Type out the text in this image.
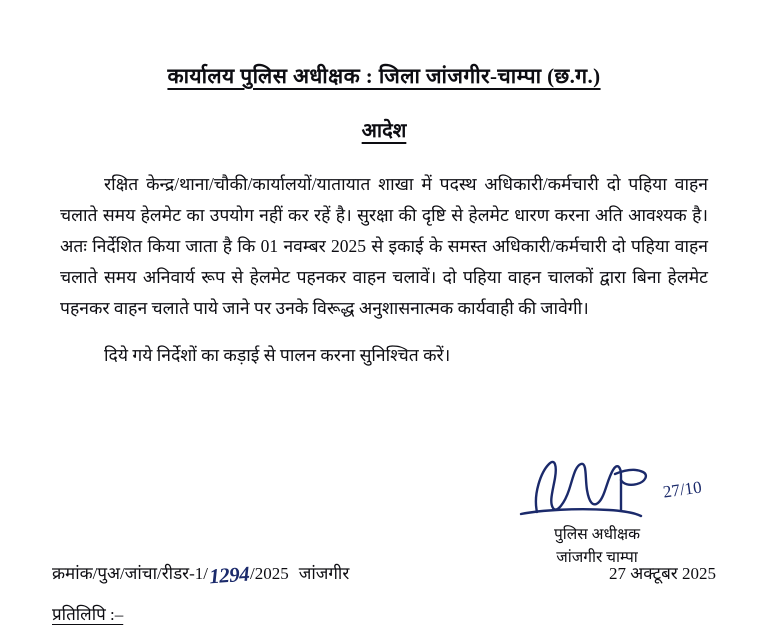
कार्यालय पुलिस अधीक्षक : जिला जांजगीर-चाम्पा (छ.ग.)
आदेश
रक्षित केन्द्र/थाना/चौकी/कार्यालयों/यातायात शाखा में पदस्थ अधिकारी/कर्मचारी दो पहिया वाहन चलाते समय हेलमेट का उपयोग नहीं कर रहें है। सुरक्षा की दृष्टि से हेलमेट धारण करना अति आवश्यक है। अतः निर्देशित किया जाता है कि 01 नवम्बर 2025 से इकाई के समस्त अधिकारी/कर्मचारी दो पहिया वाहन चलाते समय अनिवार्य रूप से हेलमेट पहनकर वाहन चलावें। दो पहिया वाहन चालकों द्वारा बिना हेलमेट पहनकर वाहन चलाते पाये जाने पर उनके विरूद्ध अनुशासनात्मक कार्यवाही की जावेगी।
दिये गये निर्देशों का कड़ाई से पालन करना सुनिश्चित करें।
27/10
पुलिस अधीक्षक
जांजगीर चाम्पा
क्रमांक/पुअ/जांचा/रीडर-1/ 1294 /2025 जांजगीर	27 अक्टूबर 2025
प्रतिलिपि :–
